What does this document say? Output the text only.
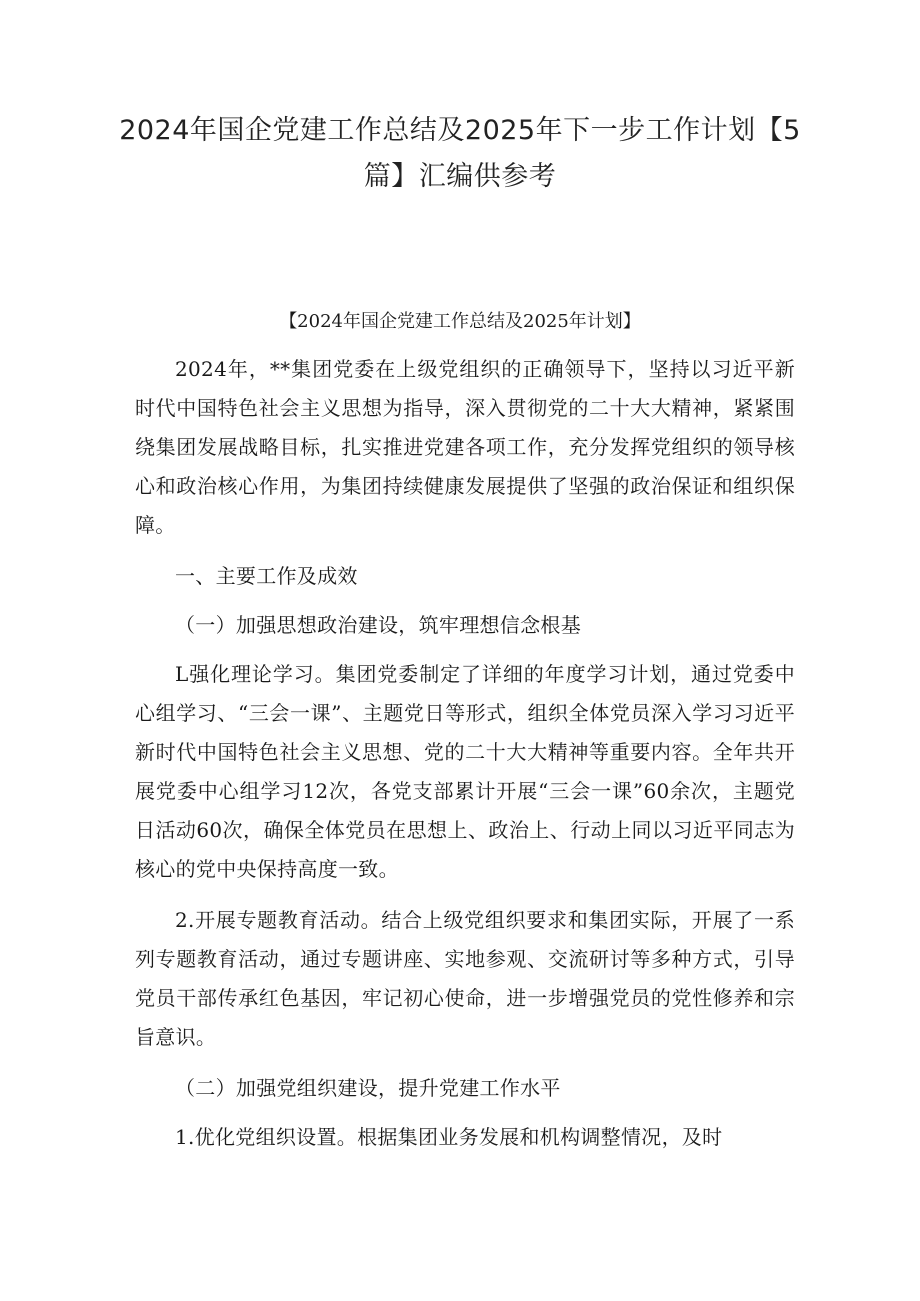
2024年国企党建工作总结及2025年下一步工作计划【5篇】汇编供参考
【2024年国企党建工作总结及2025年计划】

2024年，**集团党委在上级党组织的正确领导下，坚持以习近平新时代中国特色社会主义思想为指导，深入贯彻党的二十大大精神，紧紧围绕集团发展战略目标，扎实推进党建各项工作，充分发挥党组织的领导核心和政治核心作用，为集团持续健康发展提供了坚强的政治保证和组织保障。

一、主要工作及成效

（一）加强思想政治建设，筑牢理想信念根基

L强化理论学习。集团党委制定了详细的年度学习计划，通过党委中心组学习、“三会一课”、主题党日等形式，组织全体党员深入学习习近平新时代中国特色社会主义思想、党的二十大大精神等重要内容。全年共开展党委中心组学习12次，各党支部累计开展“三会一课”60余次，主题党日活动60次，确保全体党员在思想上、政治上、行动上同以习近平同志为核心的党中央保持高度一致。

2.开展专题教育活动。结合上级党组织要求和集团实际，开展了一系列专题教育活动，通过专题讲座、实地参观、交流研讨等多种方式，引导党员干部传承红色基因，牢记初心使命，进一步增强党员的党性修养和宗旨意识。

（二）加强党组织建设，提升党建工作水平

1.优化党组织设置。根据集团业务发展和机构调整情况，及时
